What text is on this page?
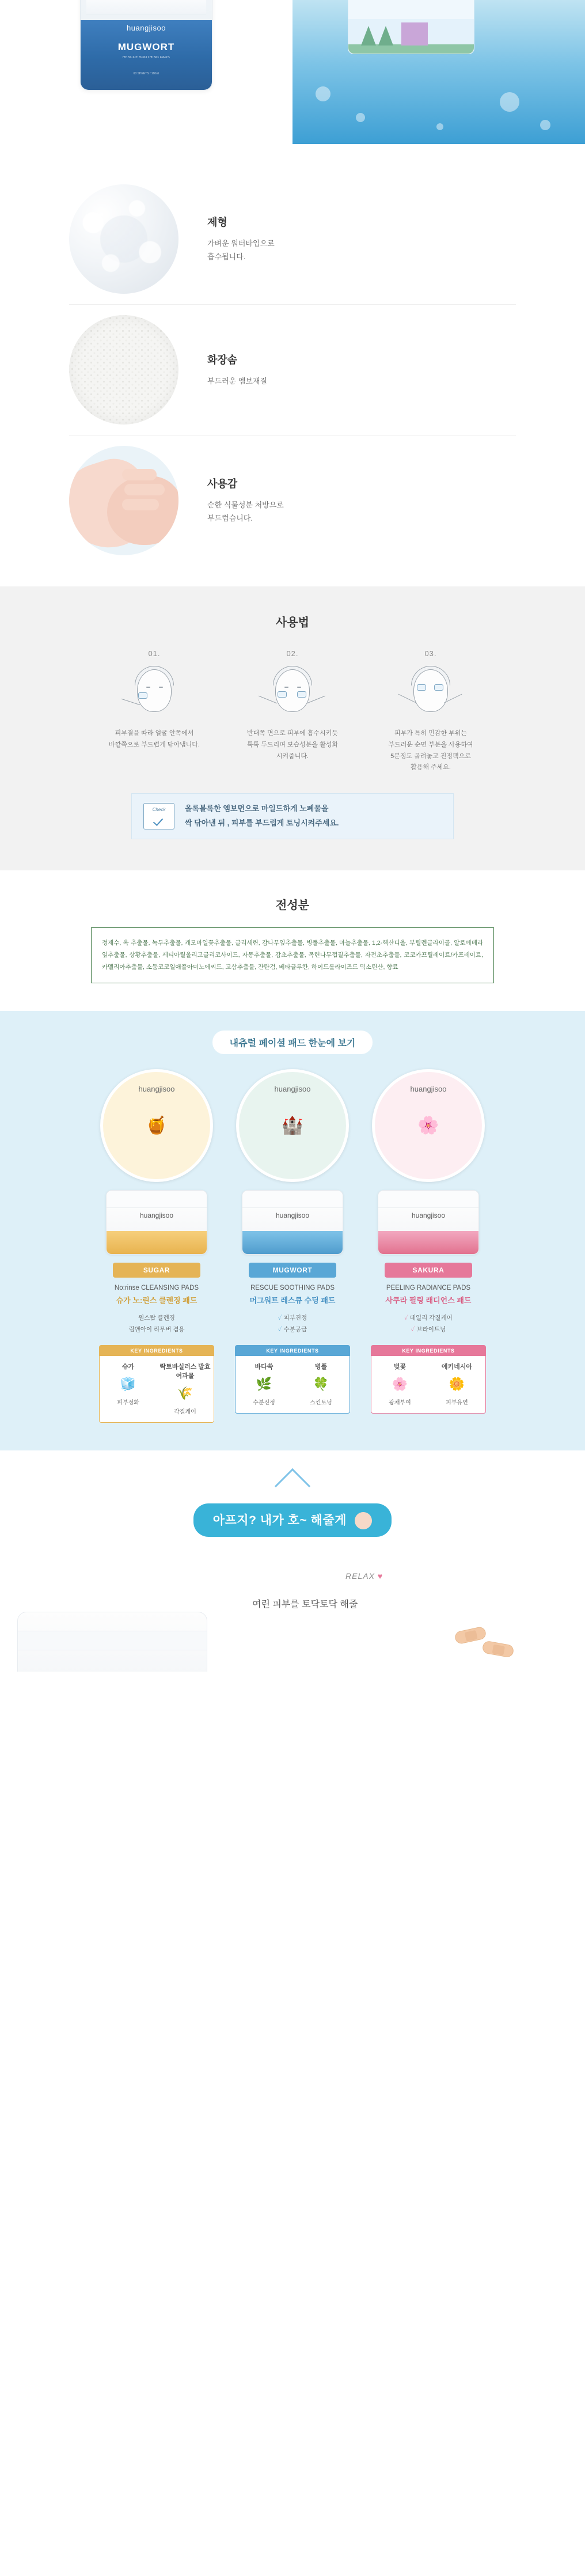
huangjisoo
MUGWORT
RESCUE SOOTHING PADS
60 SHEETS / 160ml
제형
가벼운 워터타입으로
흡수됩니다.
화장솜
부드러운 엠보재질
사용감
순한 식물성분 처방으로
부드럽습니다.
사용법
01.
피부결을 따라 얼굴 안쪽에서
바깥쪽으로 부드럽게 닦아냅니다.
02.
반대쪽 면으로 피부에 흡수시키듯
톡톡 두드리며 보습성분을 활성화
시켜줍니다.
03.
피부가 특히 민감한 부위는
부드러운 순면 부분을 사용하여
5분정도 올려놓고 진정팩으로
활용해 주세요.
Check	올록볼록한 엠보면으로 마일드하게 노폐물을
싹 닦아낸 뒤 , 피부를 부드럽게 토닝시켜주세요.
전성분
정제수, 옥 추출물, 녹두추출물, 캐모마일꽃추출물, 글리세린, 감나무잎추출물, 병풀추출물, 마늘추출물, 1,2-헥산디올, 부틸렌글라이콜, 알로에베라잎추출물, 상황추출물, 세티아릴올리고글리코사이드, 자몽추출물, 감초추출물, 목련나무껍질추출물, 자전초추출물, 코코카프릴레이트/카프레이트, 카멜리아추출물, 소듐코코일애플아미노에씨드, 고삼추출물, 잔탄검, 베타글루칸, 하이드롤라이즈드 믹소틴산, 향료
내츄럴 페이셜 패드 한눈에 보기
huangjisoo
🍯
huangjisoo
SUGAR
No:rinse CLEANSING PADS
슈가 노:린스 클렌징 패드
원스탑 클렌징
립앤아이 리무버 겸용
KEY INGREDIENTS
슈가
🧊
피부정화
락토바실러스 발효여과물
🌾
각질케어
huangjisoo
🏰
huangjisoo
MUGWORT
RESCUE SOOTHING PADS
머그워트 레스큐 수딩 패드
✓ 피부진정
✓ 수분공급
KEY INGREDIENTS
바다쑥
🌿
수분진정
병풀
🍀
스킨토닝
huangjisoo
🌸
huangjisoo
SAKURA
PEELING RADIANCE PADS
사쿠라 필링 래디언스 패드
✓ 데일리 각질케어
✓ 브라이트닝
KEY INGREDIENTS
벚꽃
🌸
광채부여
에키네시아
🌼
피부유연
아프지? 내가 호~ 해줄게
RELAX ♥
여린 피부를 토닥토닥 해줄
